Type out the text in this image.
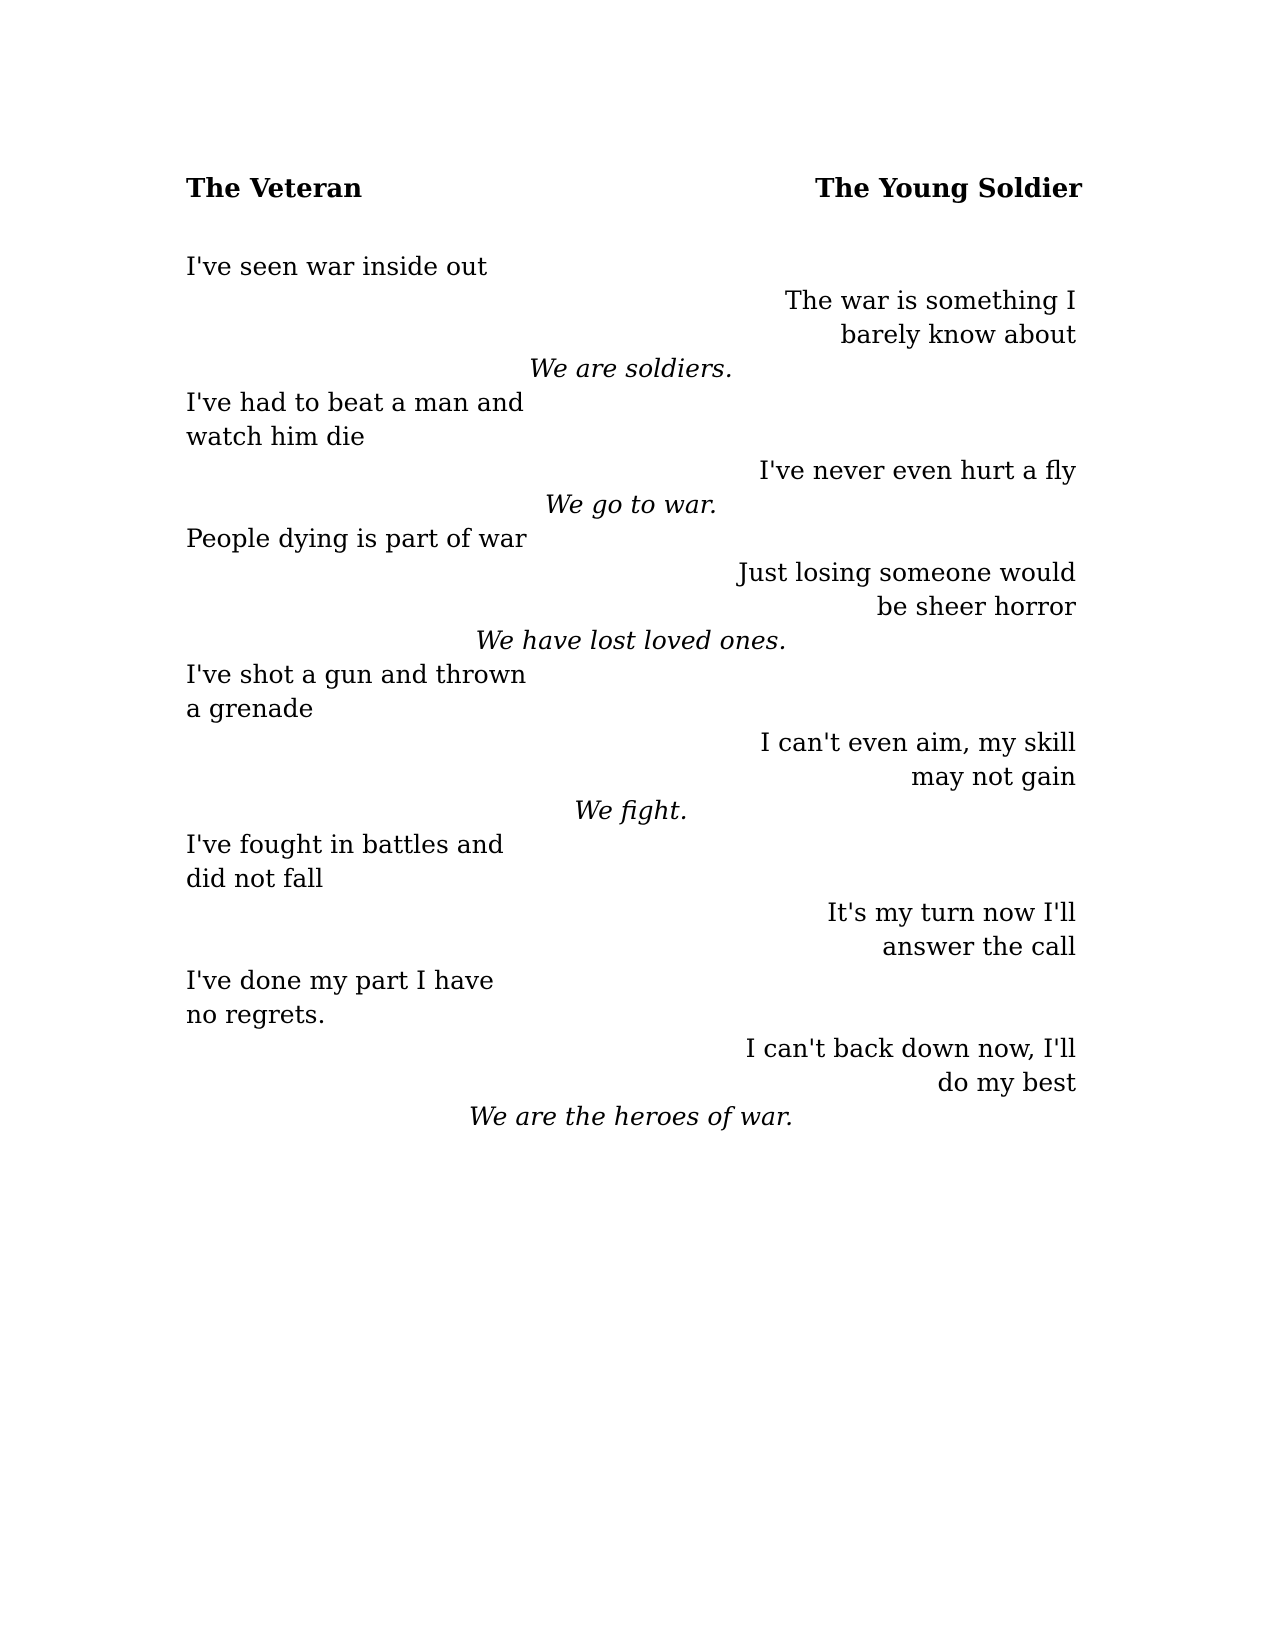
The Veteran	The Young Soldier
I've seen war inside out
The war is something I
barely know about
We are soldiers.
I've had to beat a man and
watch him die
I've never even hurt a fly
We go to war.
People dying is part of war
Just losing someone would
be sheer horror
We have lost loved ones.
I've shot a gun and thrown
a grenade
I can't even aim, my skill
may not gain
We fight.
I've fought in battles and
did not fall
It's my turn now I'll
answer the call
I've done my part I have
no regrets.
I can't back down now, I'll
do my best
We are the heroes of war.
